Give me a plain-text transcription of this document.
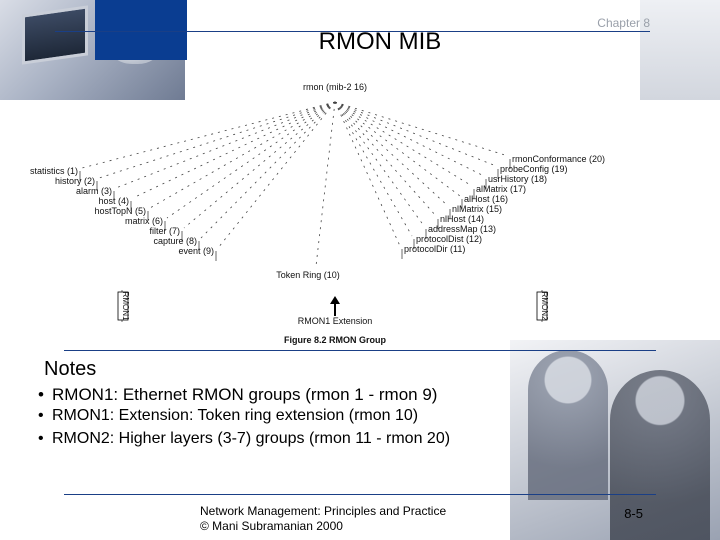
RMON MIB
Chapter 8
rmon (mib-2 16)
statistics (1)
history (2)
alarm (3)
host (4)
hostTopN (5)
matrix (6)
filter (7)
capture (8)
event (9)
rmonConformance (20)
probeConfig (19)
usrHistory (18)
alMatrix (17)
alHost (16)
nlMatrix (15)
nlHost (14)
addressMap (13)
protocolDist (12)
protocolDir (11)
Token Ring (10)
RMON1	RMON2
RMON1 Extension
Figure 8.2 RMON Group
Notes
• RMON1: Ethernet RMON groups (rmon 1 - rmon 9)
• RMON1: Extension: Token ring extension (rmon 10)
• RMON2: Higher layers (3-7) groups (rmon 11 - rmon 20)
Network Management: Principles and Practice
© Mani Subramanian 2000
8-5
